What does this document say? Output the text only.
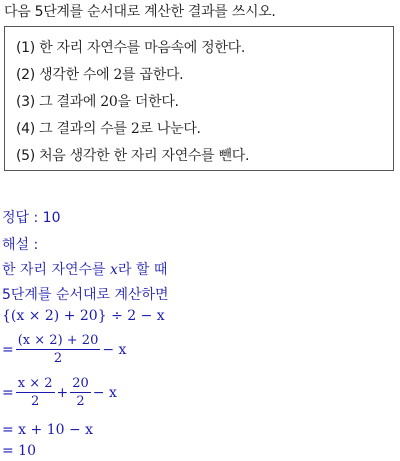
다음 5단계를 순서대로 계산한 결과를 쓰시오.
(1) 한 자리 자연수를 마음속에 정한다.
(2) 생각한 수에 2를 곱한다.
(3) 그 결과에 20을 더한다.
(4) 그 결과의 수를 2로 나눈다.
(5) 처음 생각한 한 자리 자연수를 뺀다.
정답 : 10
해설 :
한 자리 자연수를 x라 할 때
5단계를 순서대로 계산하면
{(x × 2) + 20} ÷ 2 − x
= $\frac{(x \times 2) + 20}{2} - x$
= $\frac{x \times 2}{2} + \frac{20}{2} - x$
= x + 10 − x
= 10
